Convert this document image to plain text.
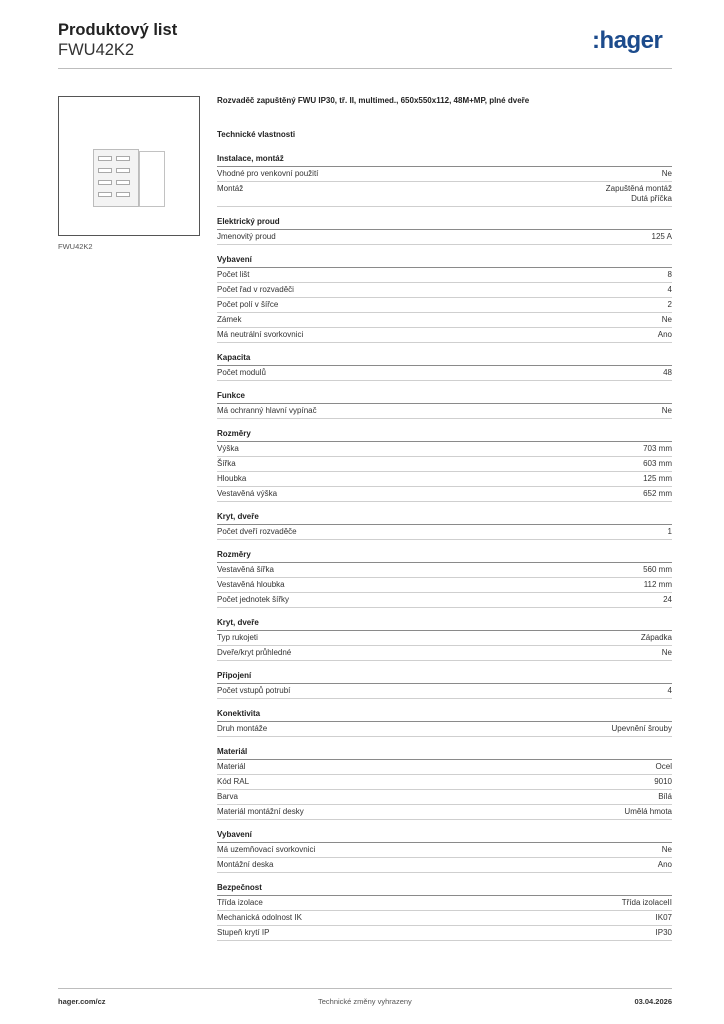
Produktový list
FWU42K2	:hager
FWU42K2
Rozvaděč zapuštěný FWU IP30, tř. II, multimed., 650x550x112, 48M+MP, plné dveře
Technické vlastnosti
Instalace, montáž
Vhodné pro venkovní použití	Ne
Montáž	Zapuštěná montáž
Dutá příčka
Elektrický proud
Jmenovitý proud	125 A
Vybavení
Počet lišt	8
Počet řad v rozvaděči	4
Počet polí v šířce	2
Zámek	Ne
Má neutrální svorkovnici	Ano
Kapacita
Počet modulů	48
Funkce
Má ochranný hlavní vypínač	Ne
Rozměry
Výška	703 mm
Šířka	603 mm
Hloubka	125 mm
Vestavěná výška	652 mm
Kryt, dveře
Počet dveří rozvaděče	1
Rozměry
Vestavěná šířka	560 mm
Vestavěná hloubka	112 mm
Počet jednotek šířky	24
Kryt, dveře
Typ rukojeti	Západka
Dveře/kryt průhledné	Ne
Připojení
Počet vstupů potrubí	4
Konektivita
Druh montáže	Upevnění šrouby
Materiál
Materiál	Ocel
Kód RAL	9010
Barva	Bílá
Materiál montážní desky	Umělá hmota
Vybavení
Má uzemňovací svorkovnici	Ne
Montážní deska	Ano
Bezpečnost
Třída izolace	Třída izolaceII
Mechanická odolnost IK	IK07
Stupeň krytí IP	IP30
hager.com/cz	Technické změny vyhrazeny	03.04.2026
